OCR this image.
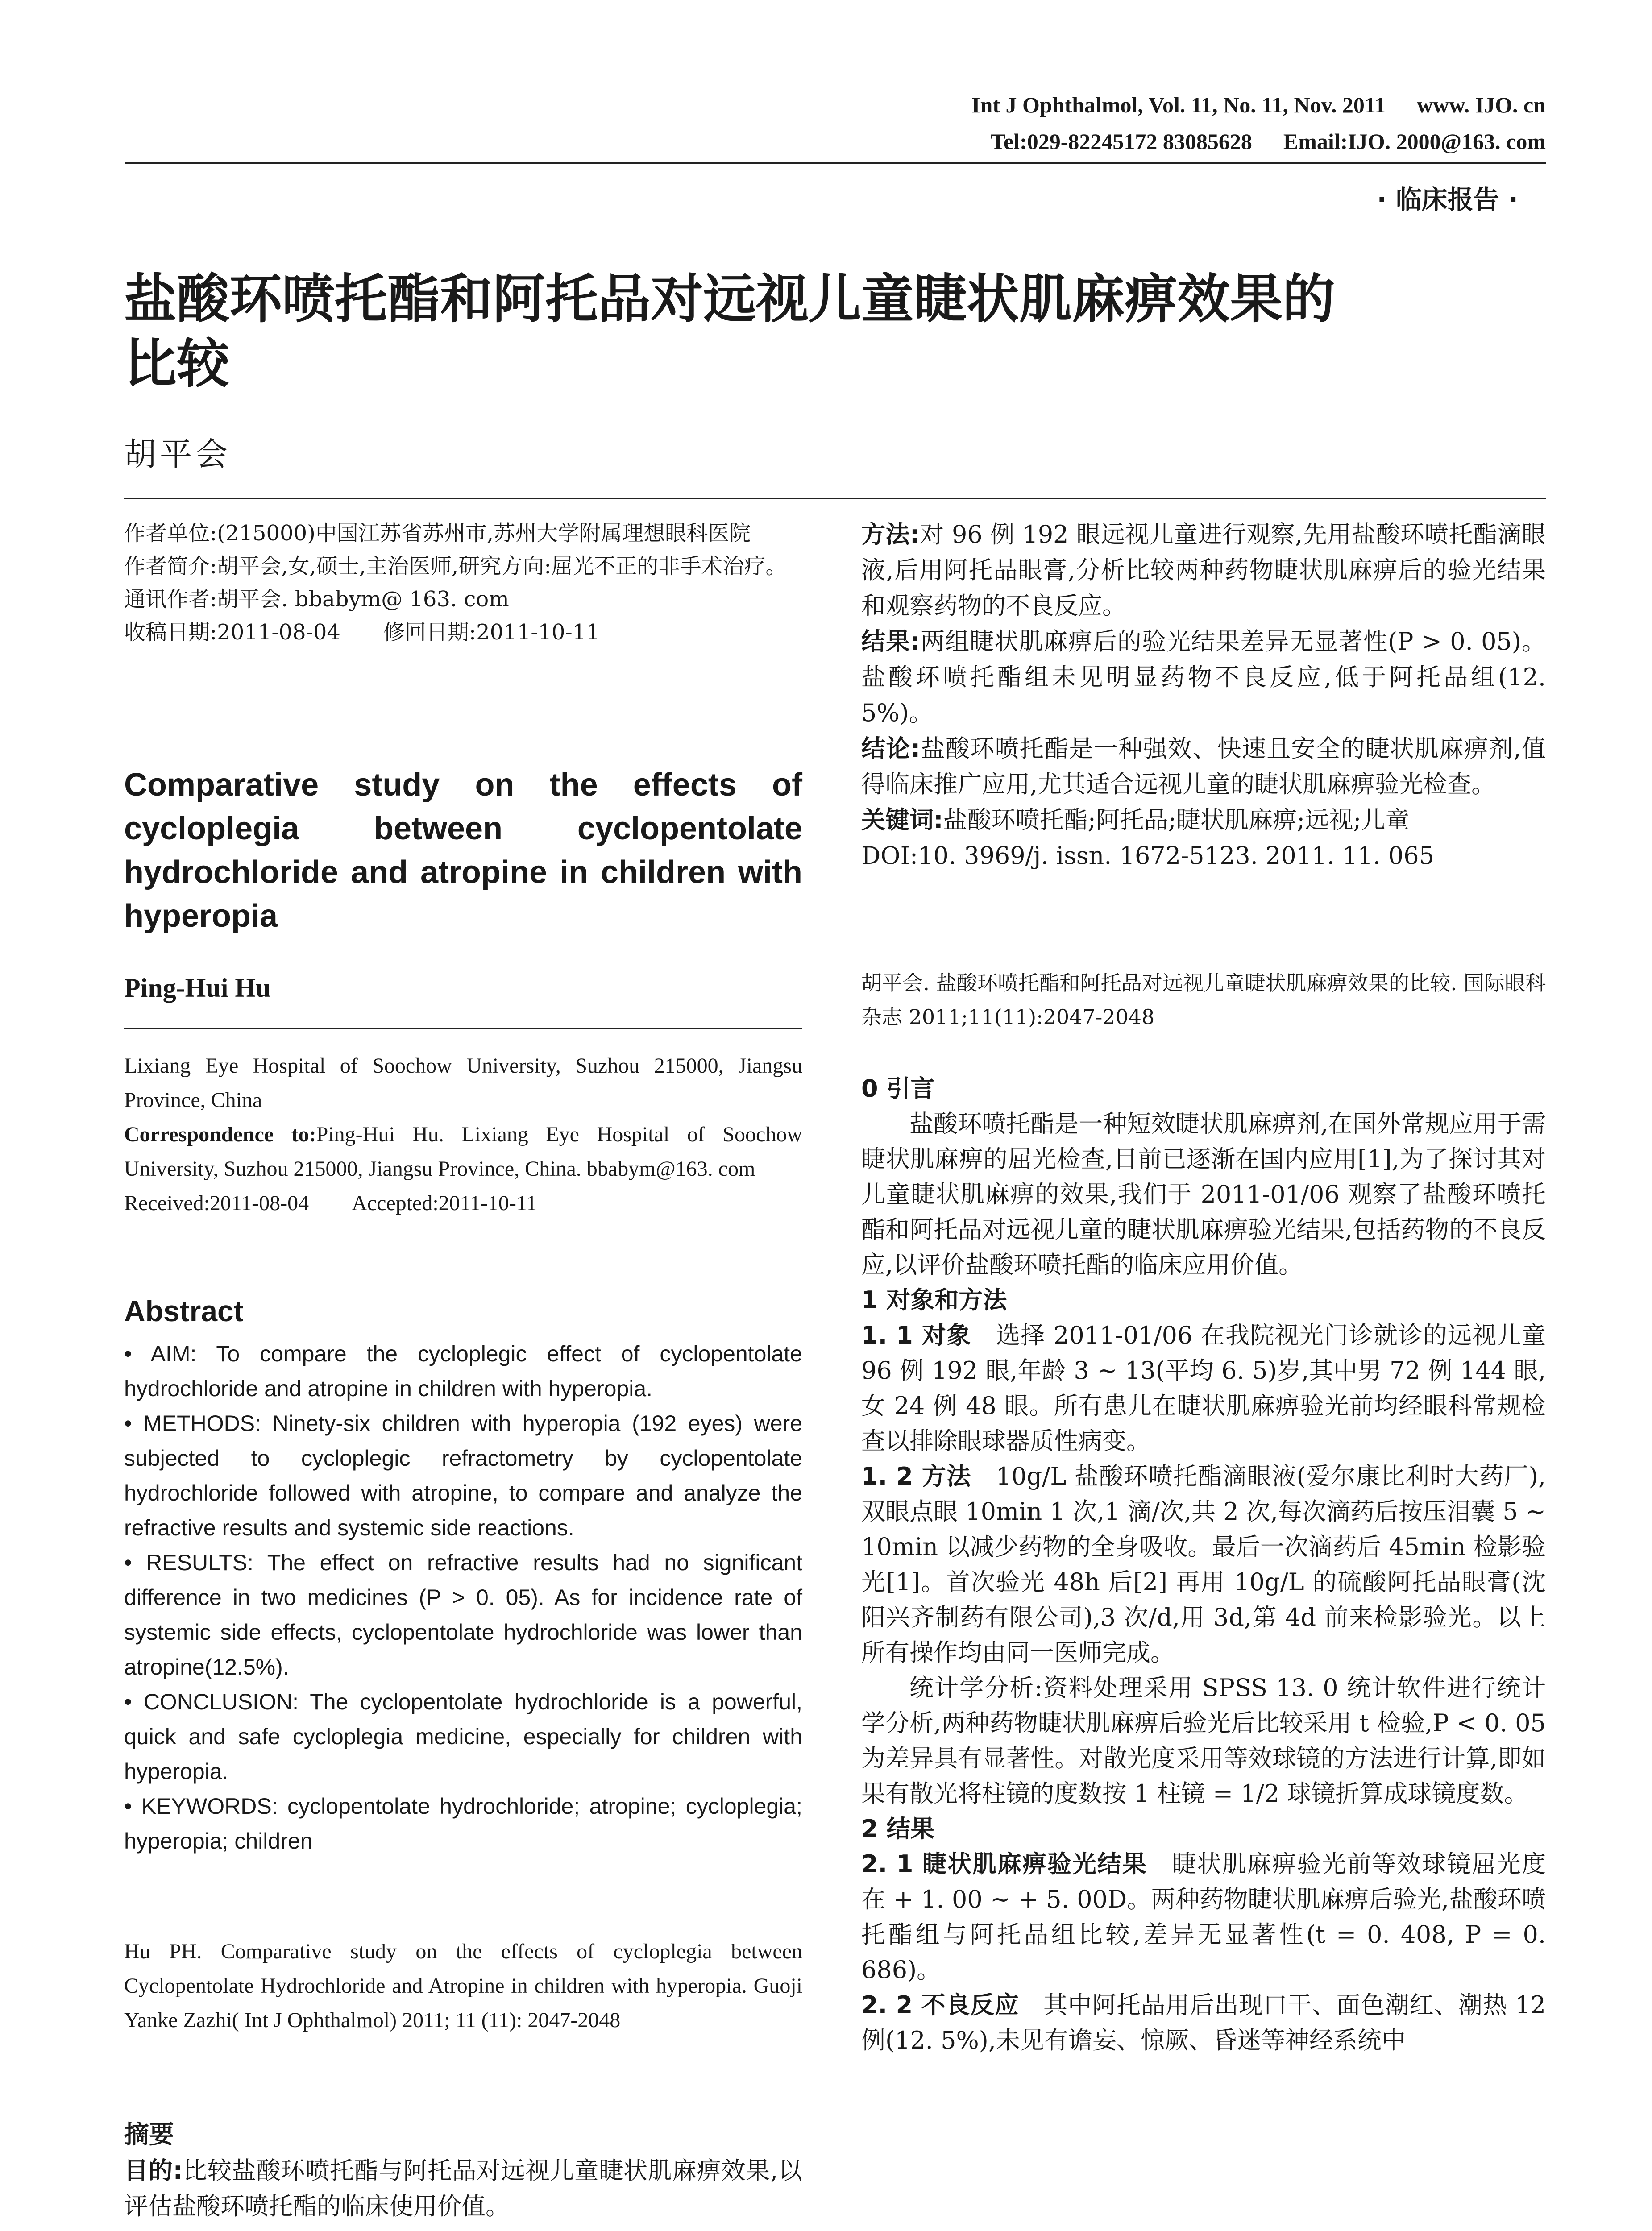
Int J Ophthalmol, Vol. 11, No. 11, Nov. 2011 www. IJO. cn
Tel:029-82245172 83085628 Email:IJO. 2000@163. com
· 临床报告 ·
盐酸环喷托酯和阿托品对远视儿童睫状肌麻痹效果的
比较
胡平会

作者单位:(215000)中国江苏省苏州市,苏州大学附属理想眼科医院

作者简介:胡平会,女,硕士,主治医师,研究方向:屈光不正的非手术治疗。

通讯作者:胡平会. bbabym@ 163. com

收稿日期:2011-08-04　　修回日期:2011-10-11

Comparative study on the effects of cycloplegia between cyclopentolate hydrochloride and atropine in children with hyperopia
Ping-Hui Hu

Lixiang Eye Hospital of Soochow University, Suzhou 215000, Jiangsu Province, China

Correspondence to:Ping-Hui Hu. Lixiang Eye Hospital of Soochow University, Suzhou 215000, Jiangsu Province, China. bbabym@163. com

Received:2011-08-04　　Accepted:2011-10-11

Abstract

• AIM: To compare the cycloplegic effect of cyclopentolate hydrochloride and atropine in children with hyperopia.

• METHODS: Ninety-six children with hyperopia (192 eyes) were subjected to cycloplegic refractometry by cyclopentolate hydrochloride followed with atropine, to compare and analyze the refractive results and systemic side reactions.

• RESULTS: The effect on refractive results had no significant difference in two medicines (P > 0. 05). As for incidence rate of systemic side effects, cyclopentolate hydrochloride was lower than atropine(12.5%).

• CONCLUSION: The cyclopentolate hydrochloride is a powerful, quick and safe cycloplegia medicine, especially for children with hyperopia.

• KEYWORDS: cyclopentolate hydrochloride; atropine; cycloplegia; hyperopia; children

Hu PH. Comparative study on the effects of cycloplegia between Cyclopentolate Hydrochloride and Atropine in children with hyperopia. Guoji Yanke Zazhi( Int J Ophthalmol) 2011; 11 (11): 2047-2048
摘要

目的:比较盐酸环喷托酯与阿托品对远视儿童睫状肌麻痹效果,以评估盐酸环喷托酯的临床使用价值。

方法:对 96 例 192 眼远视儿童进行观察,先用盐酸环喷托酯滴眼液,后用阿托品眼膏,分析比较两种药物睫状肌麻痹后的验光结果和观察药物的不良反应。

结果:两组睫状肌麻痹后的验光结果差异无显著性(P > 0. 05)。盐酸环喷托酯组未见明显药物不良反应,低于阿托品组(12. 5%)。

结论:盐酸环喷托酯是一种强效、快速且安全的睫状肌麻痹剂,值得临床推广应用,尤其适合远视儿童的睫状肌麻痹验光检查。

关键词:盐酸环喷托酯;阿托品;睫状肌麻痹;远视;儿童

DOI:10. 3969/j. issn. 1672-5123. 2011. 11. 065

胡平会. 盐酸环喷托酯和阿托品对远视儿童睫状肌麻痹效果的比较. 国际眼科杂志 2011;11(11):2047-2048

0 引言

盐酸环喷托酯是一种短效睫状肌麻痹剂,在国外常规应用于需睫状肌麻痹的屈光检查,目前已逐渐在国内应用[1],为了探讨其对儿童睫状肌麻痹的效果,我们于 2011-01/06 观察了盐酸环喷托酯和阿托品对远视儿童的睫状肌麻痹验光结果,包括药物的不良反应,以评价盐酸环喷托酯的临床应用价值。

1 对象和方法

1. 1 对象　 选择 2011-01/06 在我院视光门诊就诊的远视儿童 96 例 192 眼,年龄 3 ~ 13(平均 6. 5)岁,其中男 72 例 144 眼,女 24 例 48 眼。所有患儿在睫状肌麻痹验光前均经眼科常规检查以排除眼球器质性病变。

1. 2 方法　 10g/L 盐酸环喷托酯滴眼液(爱尔康比利时大药厂),双眼点眼 10min 1 次,1 滴/次,共 2 次,每次滴药后按压泪囊 5 ~ 10min 以减少药物的全身吸收。最后一次滴药后 45min 检影验光[1]。首次验光 48h 后[2] 再用 10g/L 的硫酸阿托品眼膏(沈阳兴齐制药有限公司),3 次/d,用 3d,第 4d 前来检影验光。以上所有操作均由同一医师完成。

统计学分析:资料处理采用 SPSS 13. 0 统计软件进行统计学分析,两种药物睫状肌麻痹后验光后比较采用 t 检验,P < 0. 05 为差异具有显著性。对散光度采用等效球镜的方法进行计算,即如果有散光将柱镜的度数按 1 柱镜 = 1/2 球镜折算成球镜度数。

2 结果

2. 1 睫状肌麻痹验光结果　 睫状肌麻痹验光前等效球镜屈光度在 + 1. 00 ~ + 5. 00D。两种药物睫状肌麻痹后验光,盐酸环喷托酯组与阿托品组比较,差异无显著性(t = 0. 408, P = 0. 686)。

2. 2 不良反应　 其中阿托品用后出现口干、面色潮红、潮热 12 例(12. 5%),未见有谵妄、惊厥、昏迷等神经系统中
